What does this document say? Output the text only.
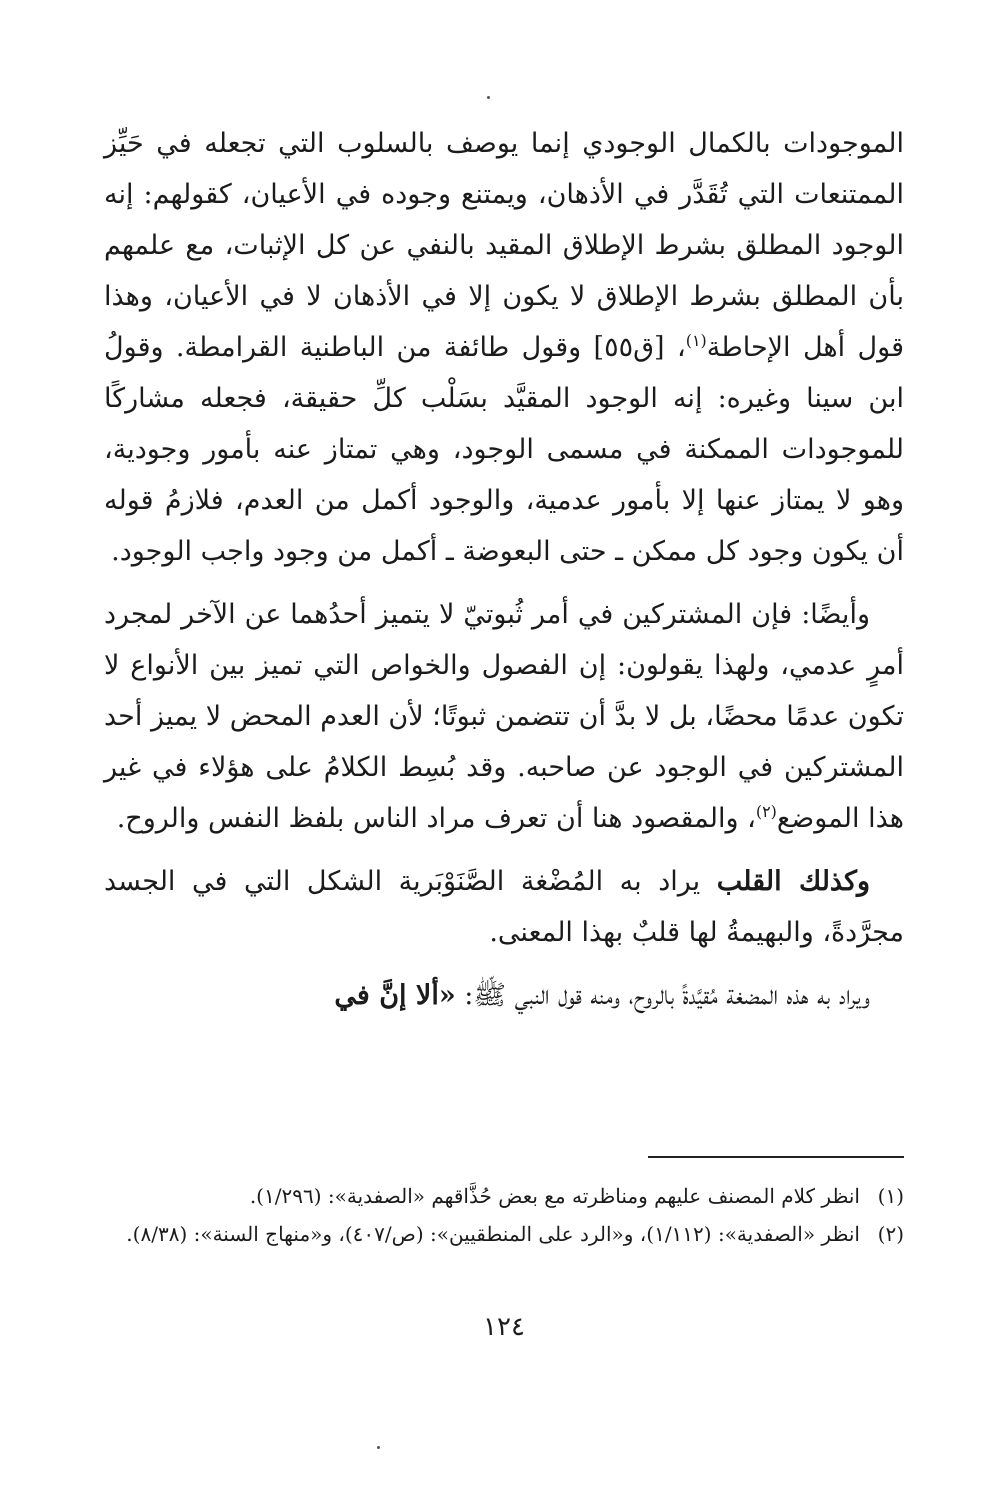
الموجودات بالكمال الوجودي إنما يوصف بالسلوب التي تجعله في حَيِّز الممتنعات التي تُقَدَّر في الأذهان، ويمتنع وجوده في الأعيان، كقولهم: إنه الوجود المطلق بشرط الإطلاق المقيد بالنفي عن كل الإثبات، مع علمهم بأن المطلق بشرط الإطلاق لا يكون إلا في الأذهان لا في الأعيان، وهذا قول أهل الإحاطة$^{(١)}$، [ق٥٥] وقول طائفة من الباطنية القرامطة. وقولُ ابن سينا وغيره: إنه الوجود المقيَّد بسَلْب كلِّ حقيقة، فجعله مشاركًا للموجودات الممكنة في مسمى الوجود، وهي تمتاز عنه بأمور وجودية، وهو لا يمتاز عنها إلا بأمور عدمية، والوجود أكمل من العدم، فلازمُ قوله أن يكون وجود كل ممكن ـ حتى البعوضة ـ أكمل من وجود واجب الوجود.

وأيضًا: فإن المشتركين في أمر ثُبوتيّ لا يتميز أحدُهما عن الآخر لمجرد أمرٍ عدمي، ولهذا يقولون: إن الفصول والخواص التي تميز بين الأنواع لا تكون عدمًا محضًا، بل لا بدَّ أن تتضمن ثبوتًا؛ لأن العدم المحض لا يميز أحد المشتركين في الوجود عن صاحبه. وقد بُسِط الكلامُ على هؤلاء في غير هذا الموضع$^{(٢)}$، والمقصود هنا أن تعرف مراد الناس بلفظ النفس والروح.

وكذلك القلب يراد به المُضْغة الصَّنَوْبَرية الشكل التي في الجسد مجرَّدةً، والبهيمةُ لها قلبٌ بهذا المعنى.

ويراد به هذه المضغة مُقيَّدةً بالروح، ومنه قول النبي ﷺ: «ألا إنَّ في

(١)
انظر كلام المصنف عليهم ومناظرته مع بعض حُذَّاقهم «الصفدية»: (١/٢٩٦).

(٢)
انظر «الصفدية»: (١/١١٢)، و«الرد على المنطقيين»: (ص/٤٠٧)، و«منهاج السنة»: (٨/٣٨).

١٢٤
